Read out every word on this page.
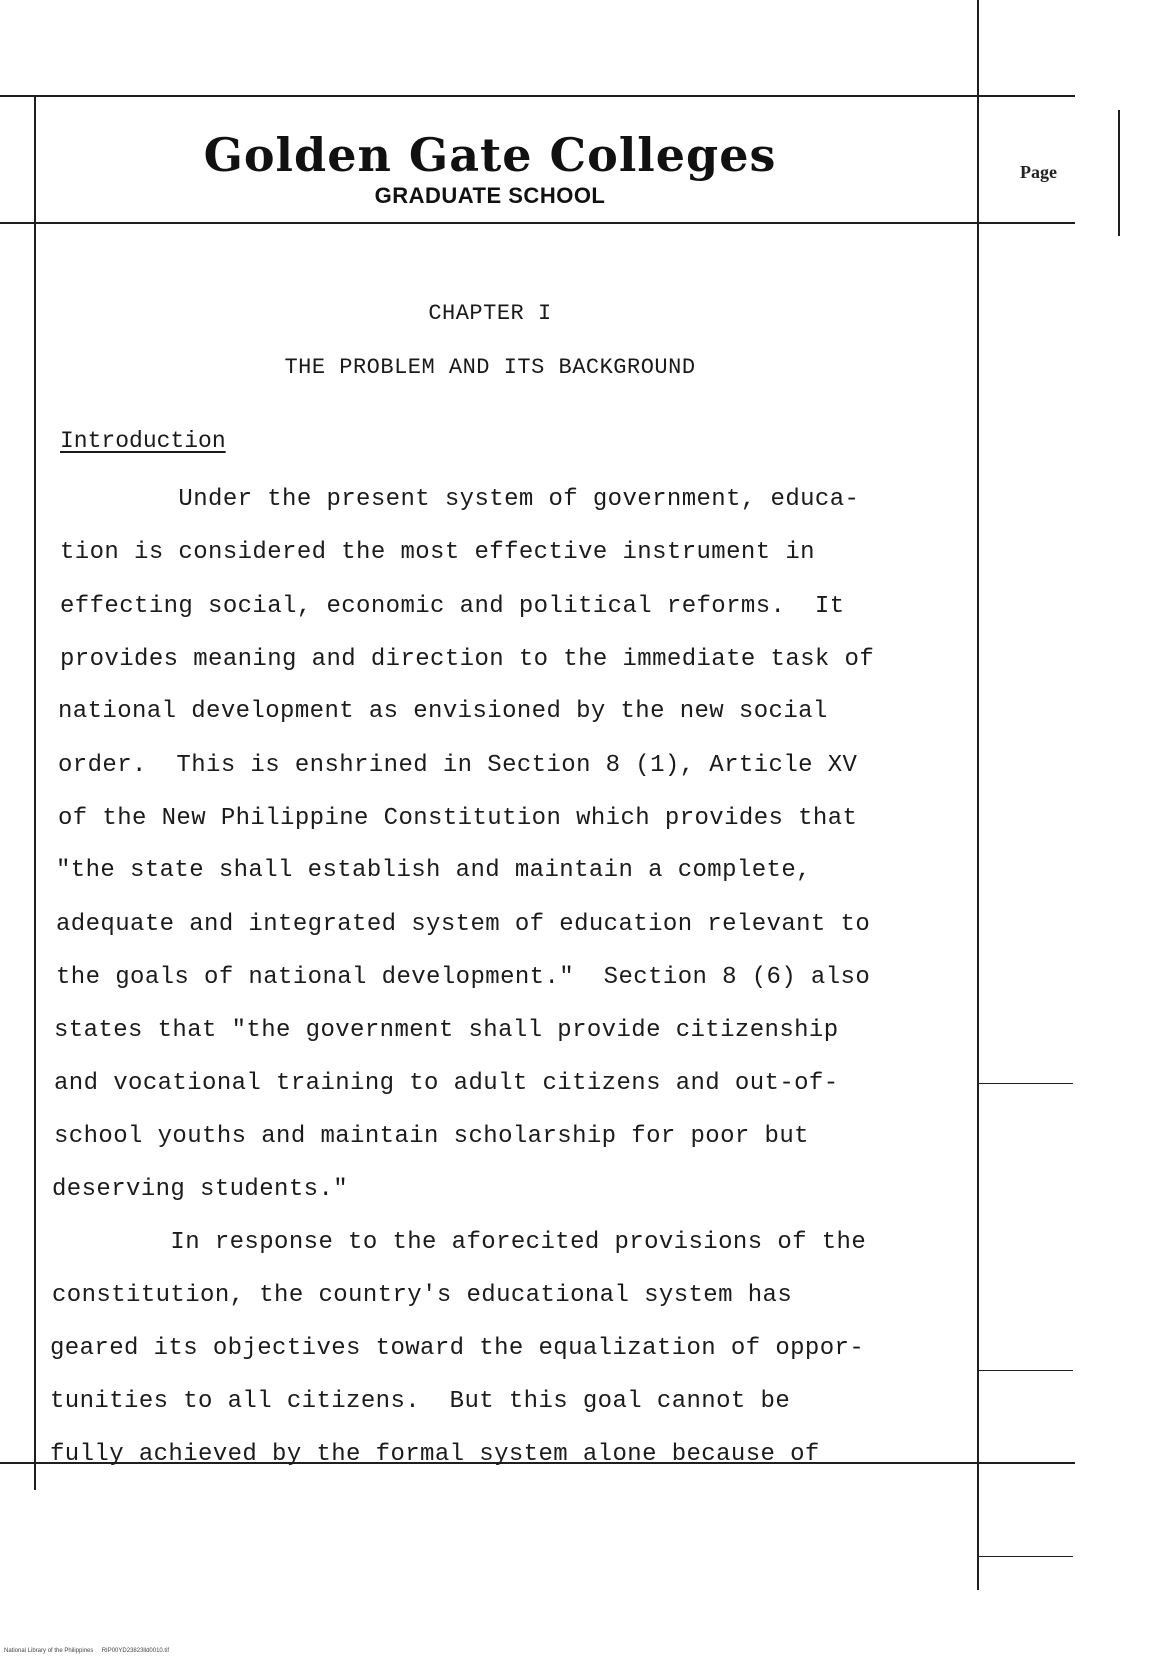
Golden Gate Colleges
GRADUATE SCHOOL
Page
CHAPTER I
THE PROBLEM AND ITS BACKGROUND
Introduction
Under the present system of government, educa-
tion is considered the most effective instrument in
effecting social, economic and political reforms.  It
provides meaning and direction to the immediate task of
national development as envisioned by the new social
order.  This is enshrined in Section 8 (1), Article XV
of the New Philippine Constitution which provides that
"the state shall establish and maintain a complete,
adequate and integrated system of education relevant to
the goals of national development."  Section 8 (6) also
states that "the government shall provide citizenship
and vocational training to adult citizens and out-of-
school youths and maintain scholarship for poor but
deserving students."
In response to the aforecited provisions of the
constitution, the country's educational system has
geared its objectives toward the equalization of oppor-
tunities to all citizens.  But this goal cannot be
fully achieved by the formal system alone because of
National Library of the Philippines     RIP00YD23823lld0010.tif
